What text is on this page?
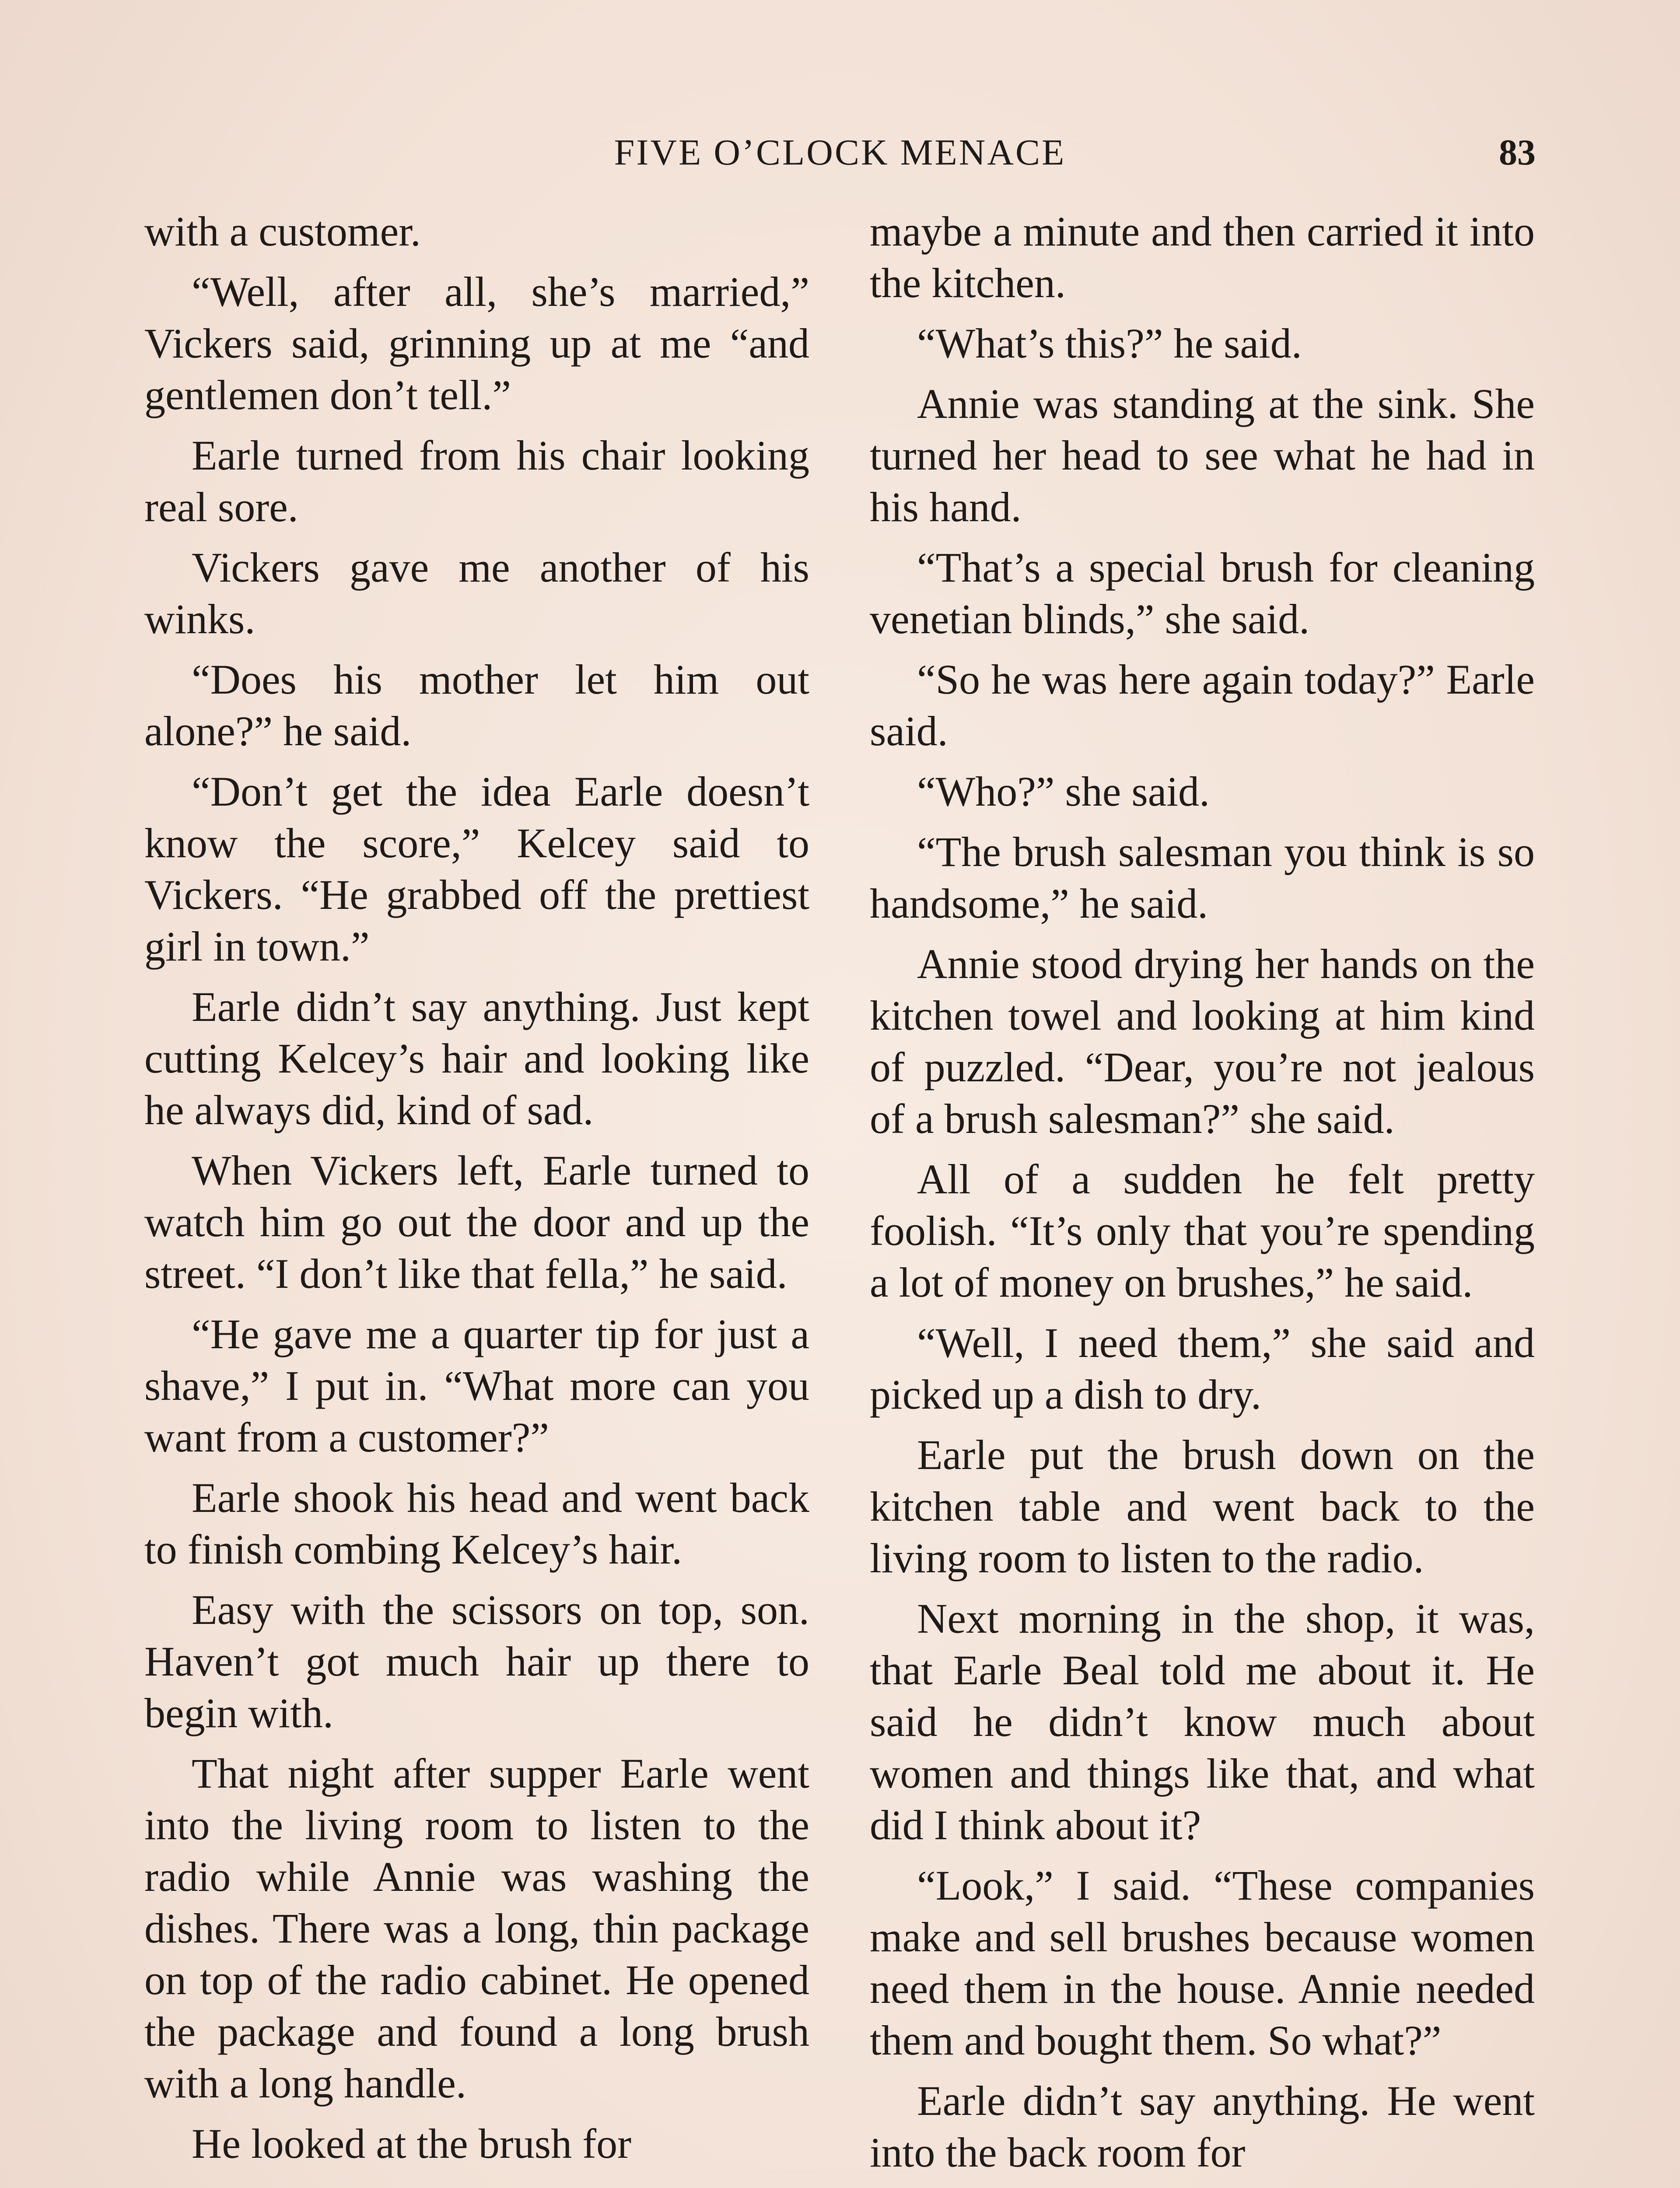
FIVE O’CLOCK MENACE	83

with a customer.

“Well, after all, she’s married,” Vickers said, grinning up at me “and gentlemen don’t tell.”

Earle turned from his chair looking real sore.

Vickers gave me another of his winks.

“Does his mother let him out alone?” he said.

“Don’t get the idea Earle doesn’t know the score,” Kelcey said to Vickers. “He grabbed off the prettiest girl in town.”

Earle didn’t say anything. Just kept cutting Kelcey’s hair and looking like he always did, kind of sad.

When Vickers left, Earle turned to watch him go out the door and up the street. “I don’t like that fella,” he said.

“He gave me a quarter tip for just a shave,” I put in. “What more can you want from a customer?”

Earle shook his head and went back to finish combing Kelcey’s hair.

Easy with the scissors on top, son. Haven’t got much hair up there to begin with.

That night after supper Earle went into the living room to listen to the radio while Annie was washing the dishes. There was a long, thin package on top of the radio cabinet. He opened the package and found a long brush with a long handle.

He looked at the brush for

maybe a minute and then carried it into the kitchen.

“What’s this?” he said.

Annie was standing at the sink. She turned her head to see what he had in his hand.

“That’s a special brush for cleaning venetian blinds,” she said.

“So he was here again today?” Earle said.

“Who?” she said.

“The brush salesman you think is so handsome,” he said.

Annie stood drying her hands on the kitchen towel and looking at him kind of puzzled. “Dear, you’re not jealous of a brush salesman?” she said.

All of a sudden he felt pretty foolish. “It’s only that you’re spending a lot of money on brushes,” he said.

“Well, I need them,” she said and picked up a dish to dry.

Earle put the brush down on the kitchen table and went back to the living room to listen to the radio.

Next morning in the shop, it was, that Earle Beal told me about it. He said he didn’t know much about women and things like that, and what did I think about it?

“Look,” I said. “These companies make and sell brushes because women need them in the house. Annie needed them and bought them. So what?”

Earle didn’t say anything. He went into the back room for
